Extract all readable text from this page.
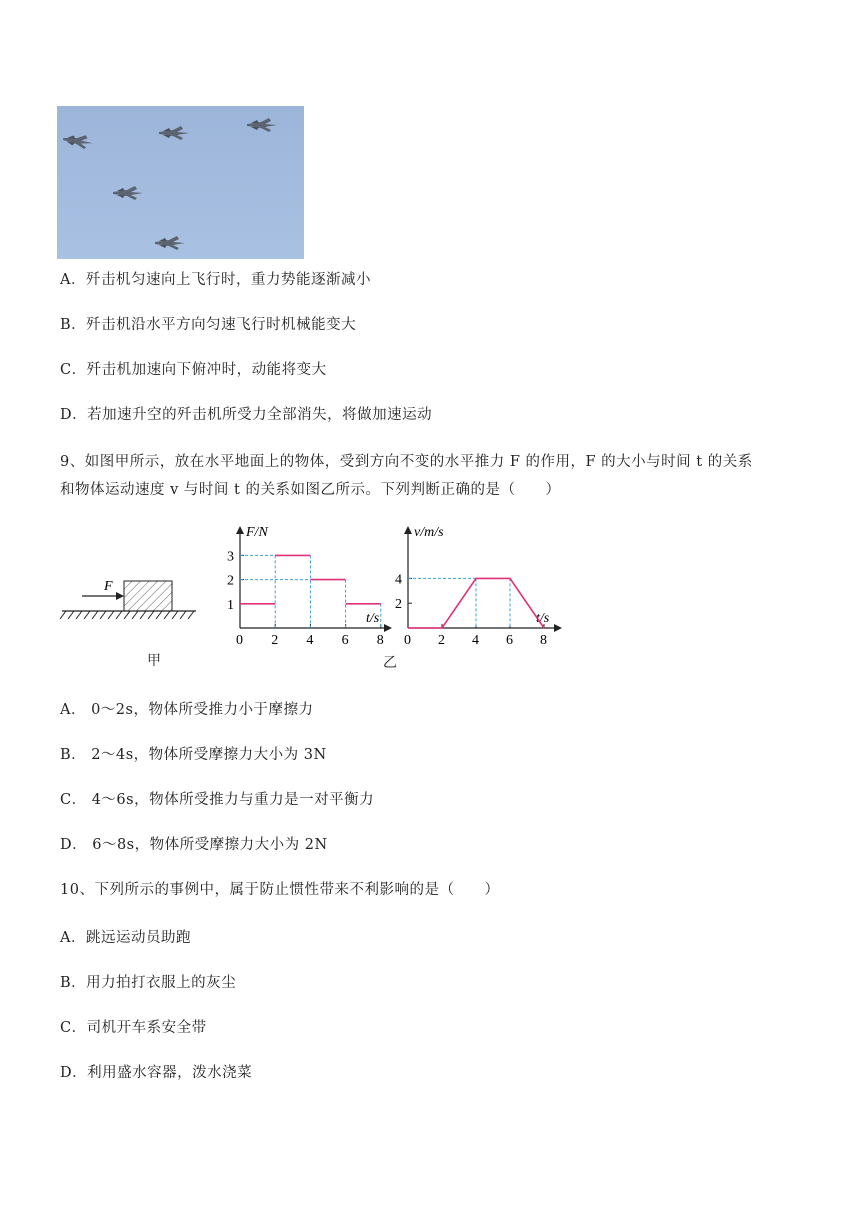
A．歼击机匀速向上飞行时，重力势能逐渐减小
B．歼击机沿水平方向匀速飞行时机械能变大
C．歼击机加速向下俯冲时，动能将变大
D．若加速升空的歼击机所受力全部消失，将做加速运动
9、如图甲所示，放在水平地面上的物体，受到方向不变的水平推力 F 的作用，F 的大小与时间 t 的关系
和物体运动速度 v 与时间 t 的关系如图乙所示。下列判断正确的是（　　）
F
甲
F/N
t/s
0 2 4 6 8
1
2
3
v/m/s
t/s
0 2 4 6 8
2
4
乙
A． 0～2s，物体所受推力小于摩擦力
B． 2～4s，物体所受摩擦力大小为 3N
C． 4～6s，物体所受推力与重力是一对平衡力
D． 6～8s，物体所受摩擦力大小为 2N
10、下列所示的事例中，属于防止惯性带来不利影响的是（　　）
A．跳远运动员助跑
B．用力拍打衣服上的灰尘
C．司机开车系安全带
D．利用盛水容器，泼水浇菜
